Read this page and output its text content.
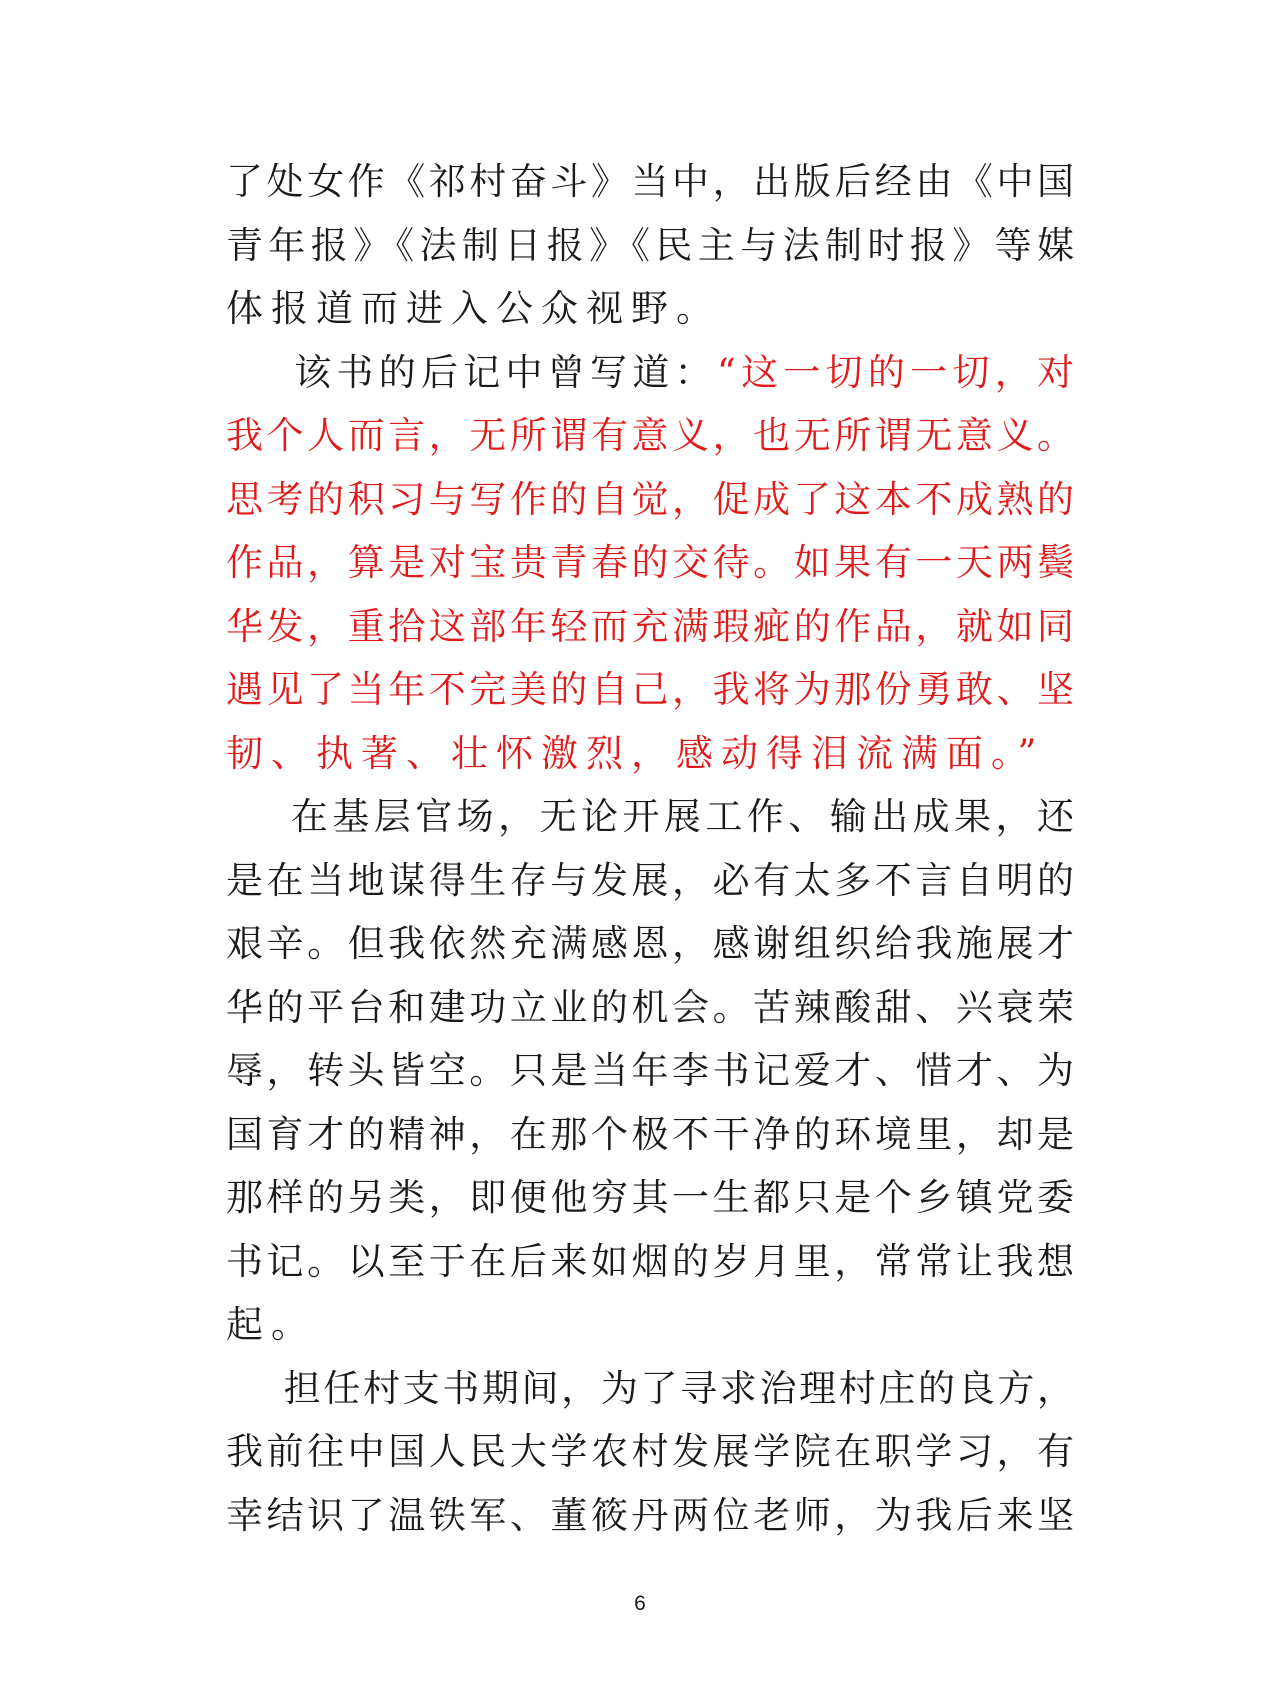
了处女作《祁村奋斗》当中，出版后经由《中国
青年报》《法制日报》《民主与法制时报》等媒
体报道而进入公众视野。
该书的后记中曾写道：“这一切的一切，对
我个人而言，无所谓有意义，也无所谓无意义。
思考的积习与写作的自觉，促成了这本不成熟的
作品，算是对宝贵青春的交待。如果有一天两鬓
华发，重拾这部年轻而充满瑕疵的作品，就如同
遇见了当年不完美的自己，我将为那份勇敢、坚
韧、执著、壮怀激烈，感动得泪流满面。”
在基层官场，无论开展工作、输出成果，还
是在当地谋得生存与发展，必有太多不言自明的
艰辛。但我依然充满感恩，感谢组织给我施展才
华的平台和建功立业的机会。苦辣酸甜、兴衰荣
辱，转头皆空。只是当年李书记爱才、惜才、为
国育才的精神，在那个极不干净的环境里，却是
那样的另类，即便他穷其一生都只是个乡镇党委
书记。以至于在后来如烟的岁月里，常常让我想
起。
担任村支书期间，为了寻求治理村庄的良方，
我前往中国人民大学农村发展学院在职学习，有
幸结识了温铁军、董筱丹两位老师，为我后来坚
6
